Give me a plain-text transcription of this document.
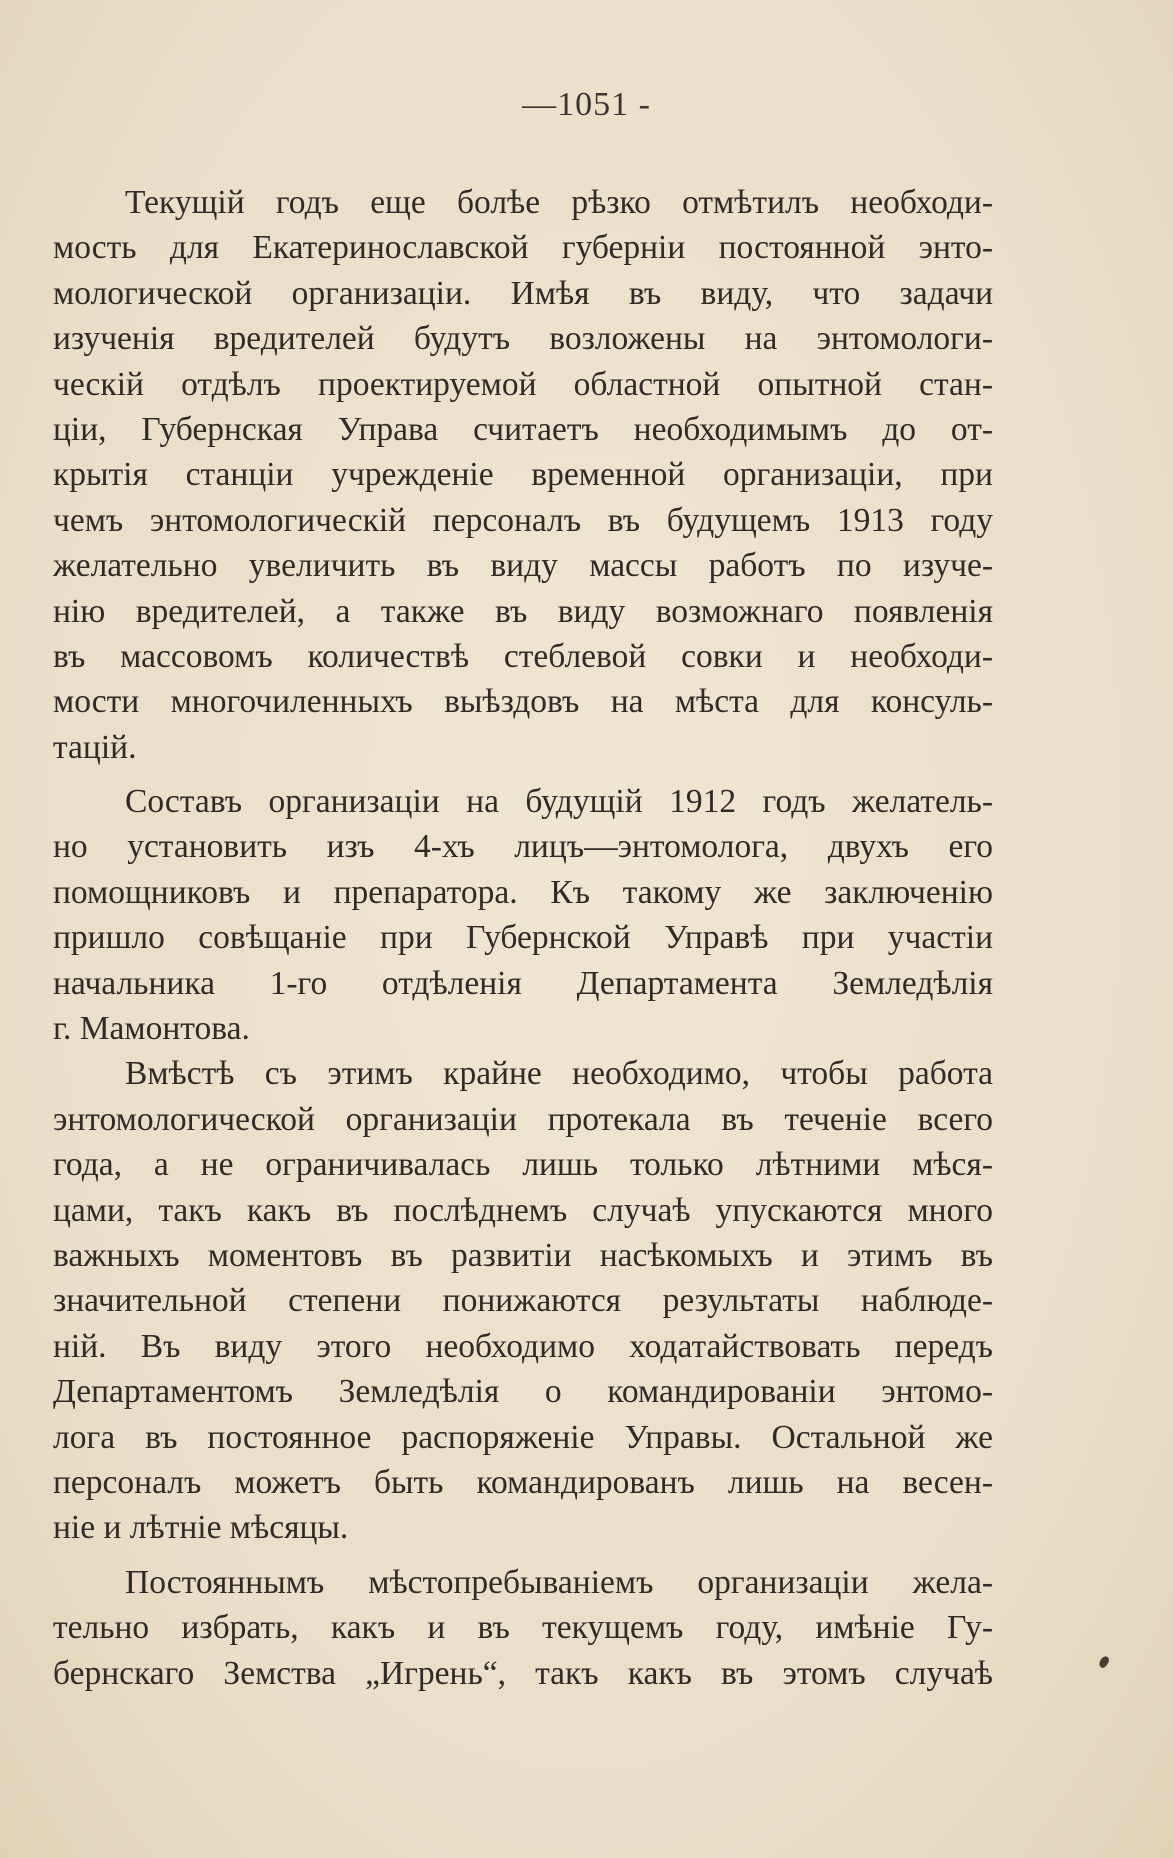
—1051 -
Текущій годъ еще болѣе рѣзко отмѣтилъ необходи-
мость для Екатеринославской губерніи постоянной энто-
мологической организаціи. Имѣя въ виду, что задачи
изученія вредителей будутъ возложены на энтомологи-
ческій отдѣлъ проектируемой областной опытной стан-
ціи, Губернская Управа считаетъ необходимымъ до от-
крытія станціи учрежденіе временной организаціи, при
чемъ энтомологическій персоналъ въ будущемъ 1913 году
желательно увеличить въ виду массы работъ по изуче-
нію вредителей, а также въ виду возможнаго появленія
въ массовомъ количествѣ стеблевой совки и необходи-
мости многочиленныхъ выѣздовъ на мѣста для консуль-
тацій.
Составъ организаціи на будущій 1912 годъ желатель-
но установить изъ 4-хъ лицъ—энтомолога, двухъ его
помощниковъ и препаратора. Къ такому же заключенію
пришло совѣщаніе при Губернской Управѣ при участіи
начальника 1-го отдѣленія Департамента Земледѣлія
г. Мамонтова.
Вмѣстѣ съ этимъ крайне необходимо, чтобы работа
энтомологической организаціи протекала въ теченіе всего
года, а не ограничивалась лишь только лѣтними мѣся-
цами, такъ какъ въ послѣднемъ случаѣ упускаются много
важныхъ моментовъ въ развитіи насѣкомыхъ и этимъ въ
значительной степени понижаются результаты наблюде-
ній. Въ виду этого необходимо ходатайствовать передъ
Департаментомъ Земледѣлія о командированіи энтомо-
лога въ постоянное распоряженіе Управы. Остальной же
персоналъ можетъ быть командированъ лишь на весен-
ніе и лѣтніе мѣсяцы.
Постояннымъ мѣстопребываніемъ организаціи жела-
тельно избрать, какъ и въ текущемъ году, имѣніе Гу-
бернскаго Земства „Игрень“, такъ какъ въ этомъ случаѣ
